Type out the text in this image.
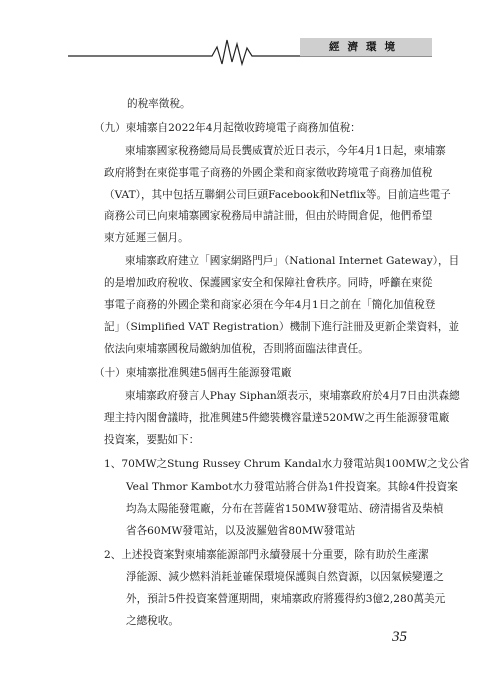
經濟環境
的稅率徵稅。
（九）柬埔寨自2022年4月起徵收跨境電子商務加值稅：
柬埔寨國家稅務總局局長龔威寶於近日表示，今年4月1日起，柬埔寨
政府將對在柬從事電子商務的外國企業和商家徵收跨境電子商務加值稅
（VAT），其中包括互聯網公司巨頭Facebook和Netflix等。目前這些電子
商務公司已向柬埔寨國家稅務局申請註冊，但由於時間倉促，他們希望
柬方延遲三個月。
柬埔寨政府建立「國家網路門戶」（National Internet Gateway），目
的是增加政府稅收、保護國家安全和保障社會秩序。同時，呼籲在柬從
事電子商務的外國企業和商家必須在今年4月1日之前在「簡化加值稅登
記」（Simplified VAT Registration）機制下進行註冊及更新企業資料，並
依法向柬埔寨國稅局繳納加值稅，否則將面臨法律責任。
（十）柬埔寨批准興建5個再生能源發電廠
柬埔寨政府發言人Phay Siphan頌表示，柬埔寨政府於4月7日由洪森總
理主持內閣會議時，批准興建5件總裝機容量達520MW之再生能源發電廠
投資案，要點如下：
1、70MW之Stung Russey Chrum Kandal水力發電站與100MW之戈公省
Veal Thmor Kambot水力發電站將合併為1件投資案。其餘4件投資案
均為太陽能發電廠，分布在菩薩省150MW發電站、磅清揚省及柴楨
省各60MW發電站，以及波羅勉省80MW發電站
2、上述投資案對柬埔寨能源部門永續發展十分重要，除有助於生產潔
淨能源、減少燃料消耗並確保環境保護與自然資源，以因氣候變遷之
外，預計5件投資案營運期間，柬埔寨政府將獲得約3億2,280萬美元
之總稅收。
35
